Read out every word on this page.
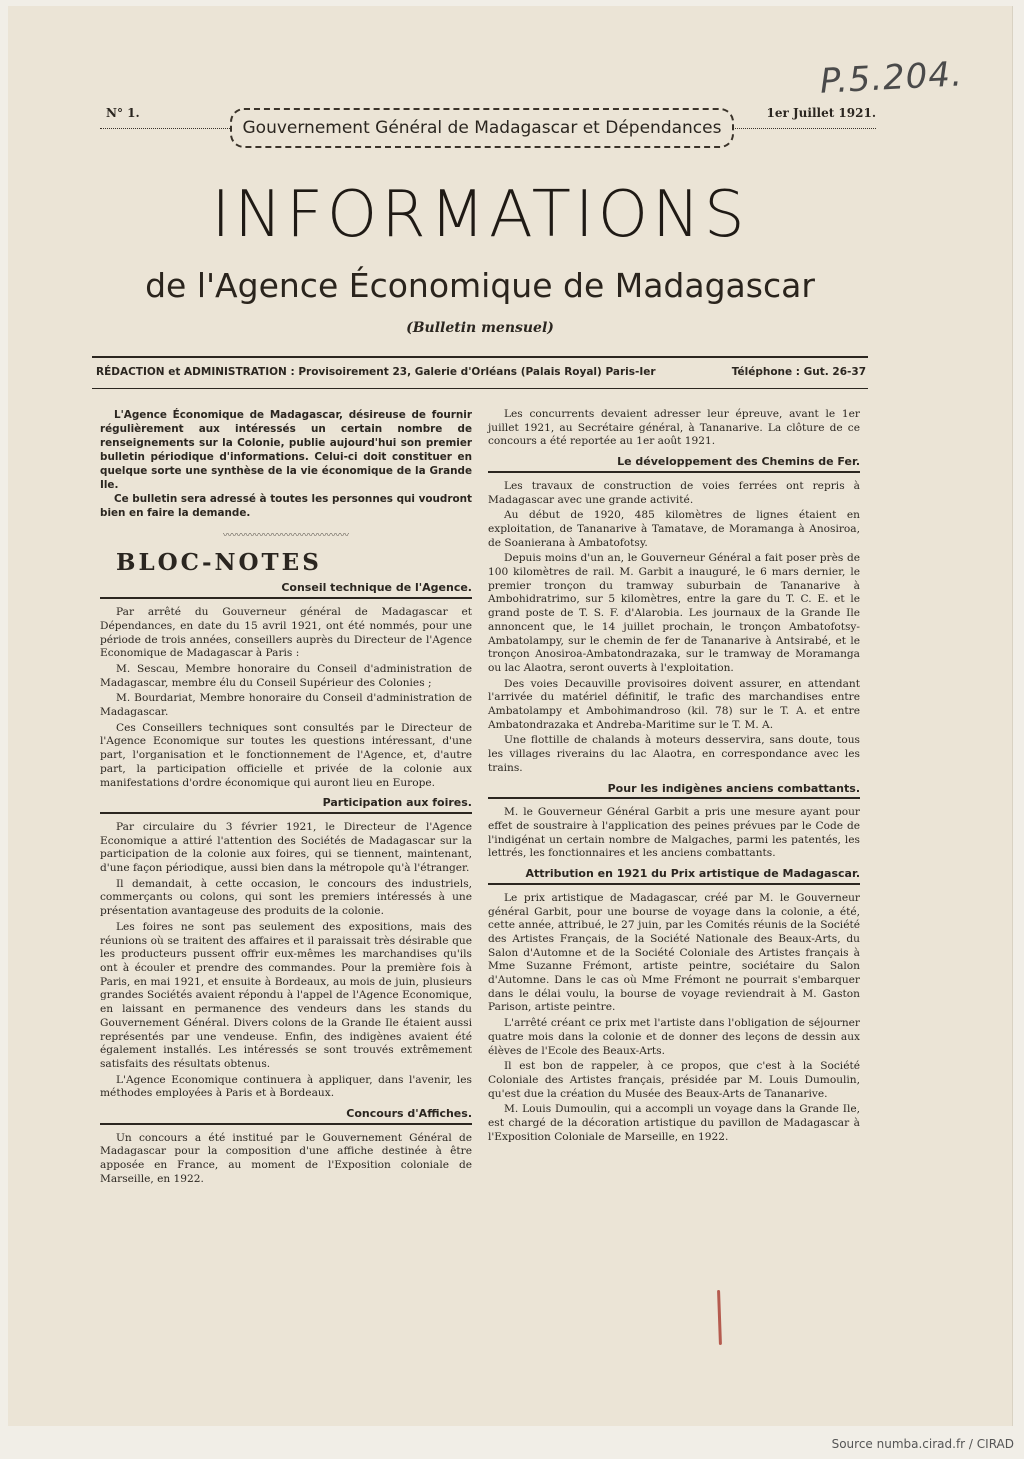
P.5.204.
N° 1.
Gouvernement Général de Madagascar et Dépendances
1er Juillet 1921.
INFORMATIONS
de l'Agence Économique de Madagascar
(Bulletin mensuel)
RÉDACTION et ADMINISTRATION : Provisoirement 23, Galerie d'Orléans (Palais Royal) Paris-Ier	Téléphone : Gut. 26-37

L'Agence Économique de Madagascar, désireuse de fournir régulièrement aux intéressés un certain nombre de renseignements sur la Colonie, publie aujourd'hui son premier bulletin périodique d'informations. Celui-ci doit constituer en quelque sorte une synthèse de la vie économique de la Grande Ile.

Ce bulletin sera adressé à toutes les personnes qui voudront bien en faire la demande.

〰〰〰〰〰〰〰〰〰〰〰〰〰〰
BLOC-NOTES
Conseil technique de l'Agence.

Par arrêté du Gouverneur général de Madagascar et Dépendances, en date du 15 avril 1921, ont été nommés, pour une période de trois années, conseillers auprès du Directeur de l'Agence Economique de Madagascar à Paris :

M. Sescau, Membre honoraire du Conseil d'administration de Madagascar, membre élu du Conseil Supérieur des Colonies ;

M. Bourdariat, Membre honoraire du Conseil d'administration de Madagascar.

Ces Conseillers techniques sont consultés par le Directeur de l'Agence Economique sur toutes les questions intéressant, d'une part, l'organisation et le fonctionnement de l'Agence, et, d'autre part, la participation officielle et privée de la colonie aux manifestations d'ordre économique qui auront lieu en Europe.

Participation aux foires.

Par circulaire du 3 février 1921, le Directeur de l'Agence Economique a attiré l'attention des Sociétés de Madagascar sur la participation de la colonie aux foires, qui se tiennent, maintenant, d'une façon périodique, aussi bien dans la métropole qu'à l'étranger.

Il demandait, à cette occasion, le concours des industriels, commerçants ou colons, qui sont les premiers intéressés à une présentation avantageuse des produits de la colonie.

Les foires ne sont pas seulement des expositions, mais des réunions où se traitent des affaires et il paraissait très désirable que les producteurs pussent offrir eux-mêmes les marchandises qu'ils ont à écouler et prendre des commandes. Pour la première fois à Paris, en mai 1921, et ensuite à Bordeaux, au mois de juin, plusieurs grandes Sociétés avaient répondu à l'appel de l'Agence Economique, en laissant en permanence des vendeurs dans les stands du Gouvernement Général. Divers colons de la Grande Ile étaient aussi représentés par une vendeuse. Enfin, des indigènes avaient été également installés. Les intéressés se sont trouvés extrêmement satisfaits des résultats obtenus.

L'Agence Economique continuera à appliquer, dans l'avenir, les méthodes employées à Paris et à Bordeaux.

Concours d'Affiches.

Un concours a été institué par le Gouvernement Général de Madagascar pour la composition d'une affiche destinée à être apposée en France, au moment de l'Exposition coloniale de Marseille, en 1922.

Les concurrents devaient adresser leur épreuve, avant le 1er juillet 1921, au Secrétaire général, à Tananarive. La clôture de ce concours a été reportée au 1er août 1921.

Le développement des Chemins de Fer.

Les travaux de construction de voies ferrées ont repris à Madagascar avec une grande activité.

Au début de 1920, 485 kilomètres de lignes étaient en exploitation, de Tananarive à Tamatave, de Moramanga à Anosiroa, de Soanierana à Ambatofotsy.

Depuis moins d'un an, le Gouverneur Général a fait poser près de 100 kilomètres de rail. M. Garbit a inauguré, le 6 mars dernier, le premier tronçon du tramway suburbain de Tananarive à Ambohidratrimo, sur 5 kilomètres, entre la gare du T. C. E. et le grand poste de T. S. F. d'Alarobia. Les journaux de la Grande Ile annoncent que, le 14 juillet prochain, le tronçon Ambatofotsy-Ambatolampy, sur le chemin de fer de Tananarive à Antsirabé, et le tronçon Anosiroa-Ambatondrazaka, sur le tramway de Moramanga ou lac Alaotra, seront ouverts à l'exploitation.

Des voies Decauville provisoires doivent assurer, en attendant l'arrivée du matériel définitif, le trafic des marchandises entre Ambatolampy et Ambohimandroso (kil. 78) sur le T. A. et entre Ambatondrazaka et Andreba-Maritime sur le T. M. A.

Une flottille de chalands à moteurs desservira, sans doute, tous les villages riverains du lac Alaotra, en correspondance avec les trains.

Pour les indigènes anciens combattants.

M. le Gouverneur Général Garbit a pris une mesure ayant pour effet de soustraire à l'application des peines prévues par le Code de l'indigénat un certain nombre de Malgaches, parmi les patentés, les lettrés, les fonctionnaires et les anciens combattants.

Attribution en 1921 du Prix artistique de Madagascar.

Le prix artistique de Madagascar, créé par M. le Gouverneur général Garbit, pour une bourse de voyage dans la colonie, a été, cette année, attribué, le 27 juin, par les Comités réunis de la Société des Artistes Français, de la Société Nationale des Beaux-Arts, du Salon d'Automne et de la Société Coloniale des Artistes français à Mme Suzanne Frémont, artiste peintre, sociétaire du Salon d'Automne. Dans le cas où Mme Frémont ne pourrait s'embarquer dans le délai voulu, la bourse de voyage reviendrait à M. Gaston Parison, artiste peintre.

L'arrêté créant ce prix met l'artiste dans l'obligation de séjourner quatre mois dans la colonie et de donner des leçons de dessin aux élèves de l'Ecole des Beaux-Arts.

Il est bon de rappeler, à ce propos, que c'est à la Société Coloniale des Artistes français, présidée par M. Louis Dumoulin, qu'est due la création du Musée des Beaux-Arts de Tananarive.

M. Louis Dumoulin, qui a accompli un voyage dans la Grande Ile, est chargé de la décoration artistique du pavillon de Madagascar à l'Exposition Coloniale de Marseille, en 1922.

Source numba.cirad.fr / CIRAD
